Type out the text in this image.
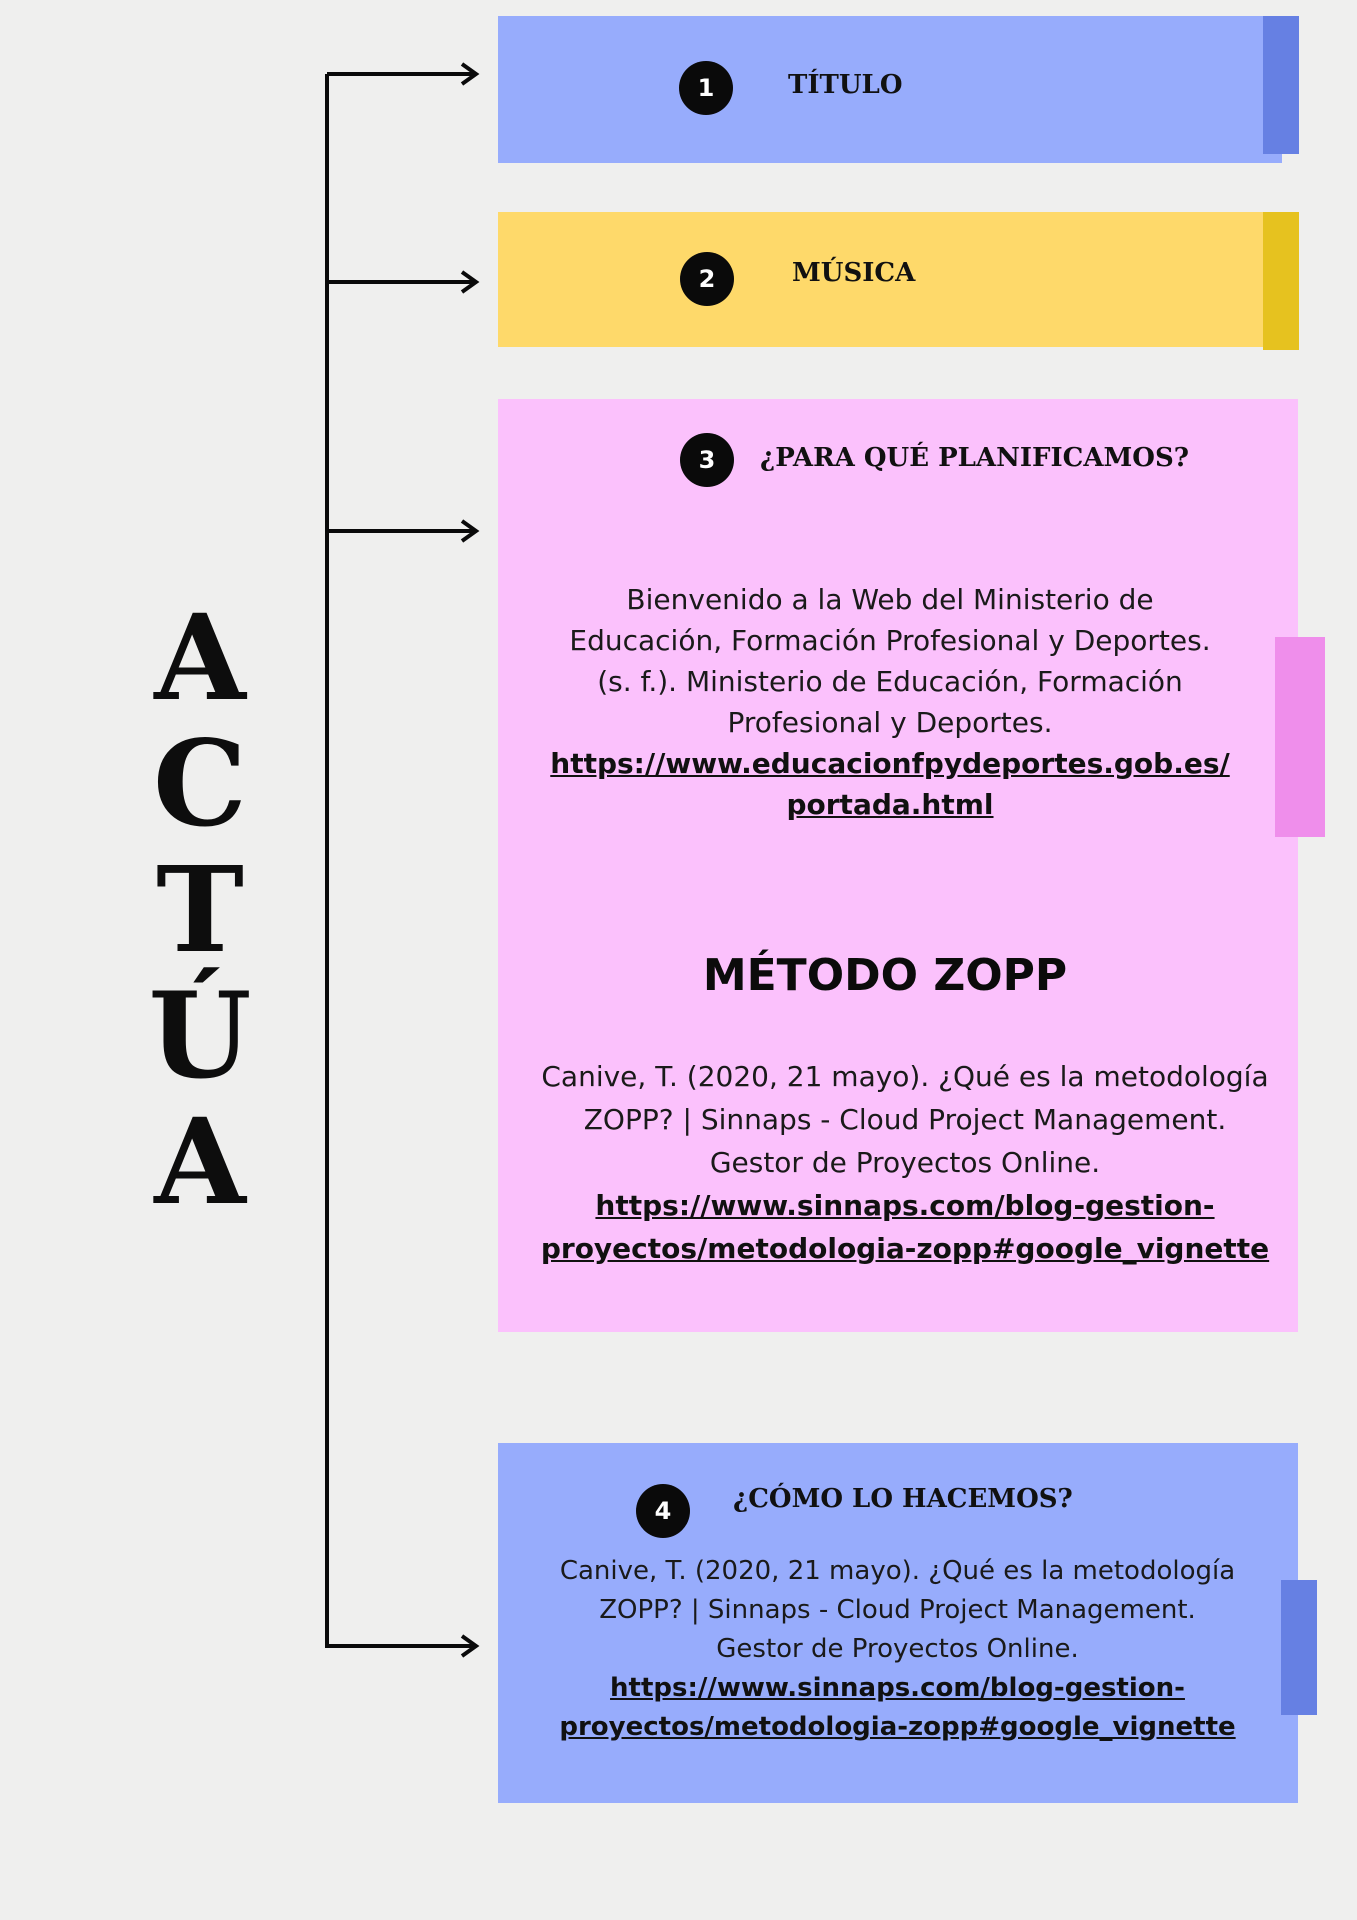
A
C
T
Ú
A
1	TÍTULO
2	MÚSICA
3	¿PARA QUÉ PLANIFICAMOS?
Bienvenido a la Web del Ministerio de
Educación, Formación Profesional y Deportes.
(s. f.). Ministerio de Educación, Formación
Profesional y Deportes.
https://www.educacionfpydeportes.gob.es/
portada.html
MÉTODO ZOPP
Canive, T. (2020, 21 mayo). ¿Qué es la metodología
ZOPP? | Sinnaps - Cloud Project Management.
Gestor de Proyectos Online.
https://www.sinnaps.com/blog-gestion-
proyectos/metodologia-zopp#google_vignette
4	¿CÓMO LO HACEMOS?
Canive, T. (2020, 21 mayo). ¿Qué es la metodología
ZOPP? | Sinnaps - Cloud Project Management.
Gestor de Proyectos Online.
https://www.sinnaps.com/blog-gestion-
proyectos/metodologia-zopp#google_vignette
